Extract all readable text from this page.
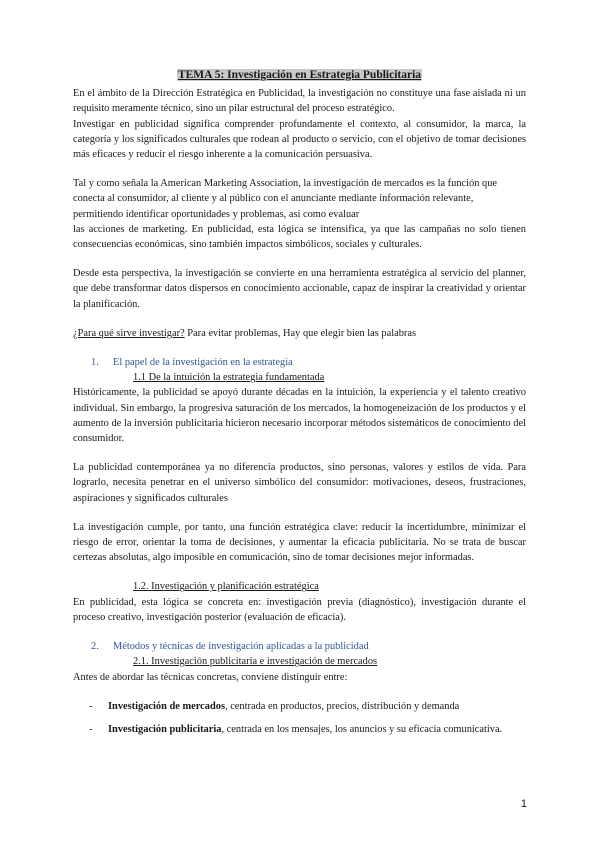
TEMA 5: Investigación en Estrategia Publicitaria

En el ámbito de la Dirección Estratégica en Publicidad, la investigación no constituye una fase aislada ni un requisito meramente técnico, sino un pilar estructural del proceso estratégico.

Investigar en publicidad significa comprender profundamente el contexto, al consumidor, la marca, la categoría y los significados culturales que rodean al producto o servicio, con el objetivo de tomar decisiones más eficaces y reducir el riesgo inherente a la comunicación persuasiva.

Tal y como señala la American Marketing Association, la investigación de mercados es la función que conecta al consumidor, al cliente y al público con el anunciante mediante información relevante, permitiendo identificar oportunidades y problemas, así como evaluar

las acciones de marketing. En publicidad, esta lógica se intensifica, ya que las campañas no solo tienen consecuencias económicas, sino también impactos simbólicos, sociales y culturales.

Desde esta perspectiva, la investigación se convierte en una herramienta estratégica al servicio del planner, que debe transformar datos dispersos en conocimiento accionable, capaz de inspirar la creatividad y orientar la planificación.

¿Para qué sirve investigar? Para evitar problemas, Hay que elegir bien las palabras

1. El papel de la investigación en la estrategia

1.1 De la intuición la estrategia fundamentada

Históricamente, la publicidad se apoyó durante décadas en la intuición, la experiencia y el talento creativo individual. Sin embargo, la progresiva saturación de los mercados, la homogeneización de los productos y el aumento de la inversión publicitaria hicieron necesario incorporar métodos sistemáticos de conocimiento del consumidor.

La publicidad contemporánea ya no diferencia productos, sino personas, valores y estilos de vida. Para lograrlo, necesita penetrar en el universo simbólico del consumidor: motivaciones, deseos, frustraciones, aspiraciones y significados culturales

La investigación cumple, por tanto, una función estratégica clave: reducir la incertidumbre, minimizar el riesgo de error, orientar la toma de decisiones, y aumentar la eficacia publicitaria. No se trata de buscar certezas absolutas, algo imposible en comunicación, sino de tomar decisiones mejor informadas.

1.2. Investigación y planificación estratégica

En publicidad, esta lógica se concreta en: investigación previa (diagnóstico), investigación durante el proceso creativo, investigación posterior (evaluación de eficacia).

2. Métodos y técnicas de investigación aplicadas a la publicidad

2.1. Investigación publicitaria e investigación de mercados

Antes de abordar las técnicas concretas, conviene distinguir entre:

-	Investigación de mercados, centrada en productos, precios, distribución y demanda
-	Investigación publicitaria, centrada en los mensajes, los anuncios y su eficacia comunicativa.
1
